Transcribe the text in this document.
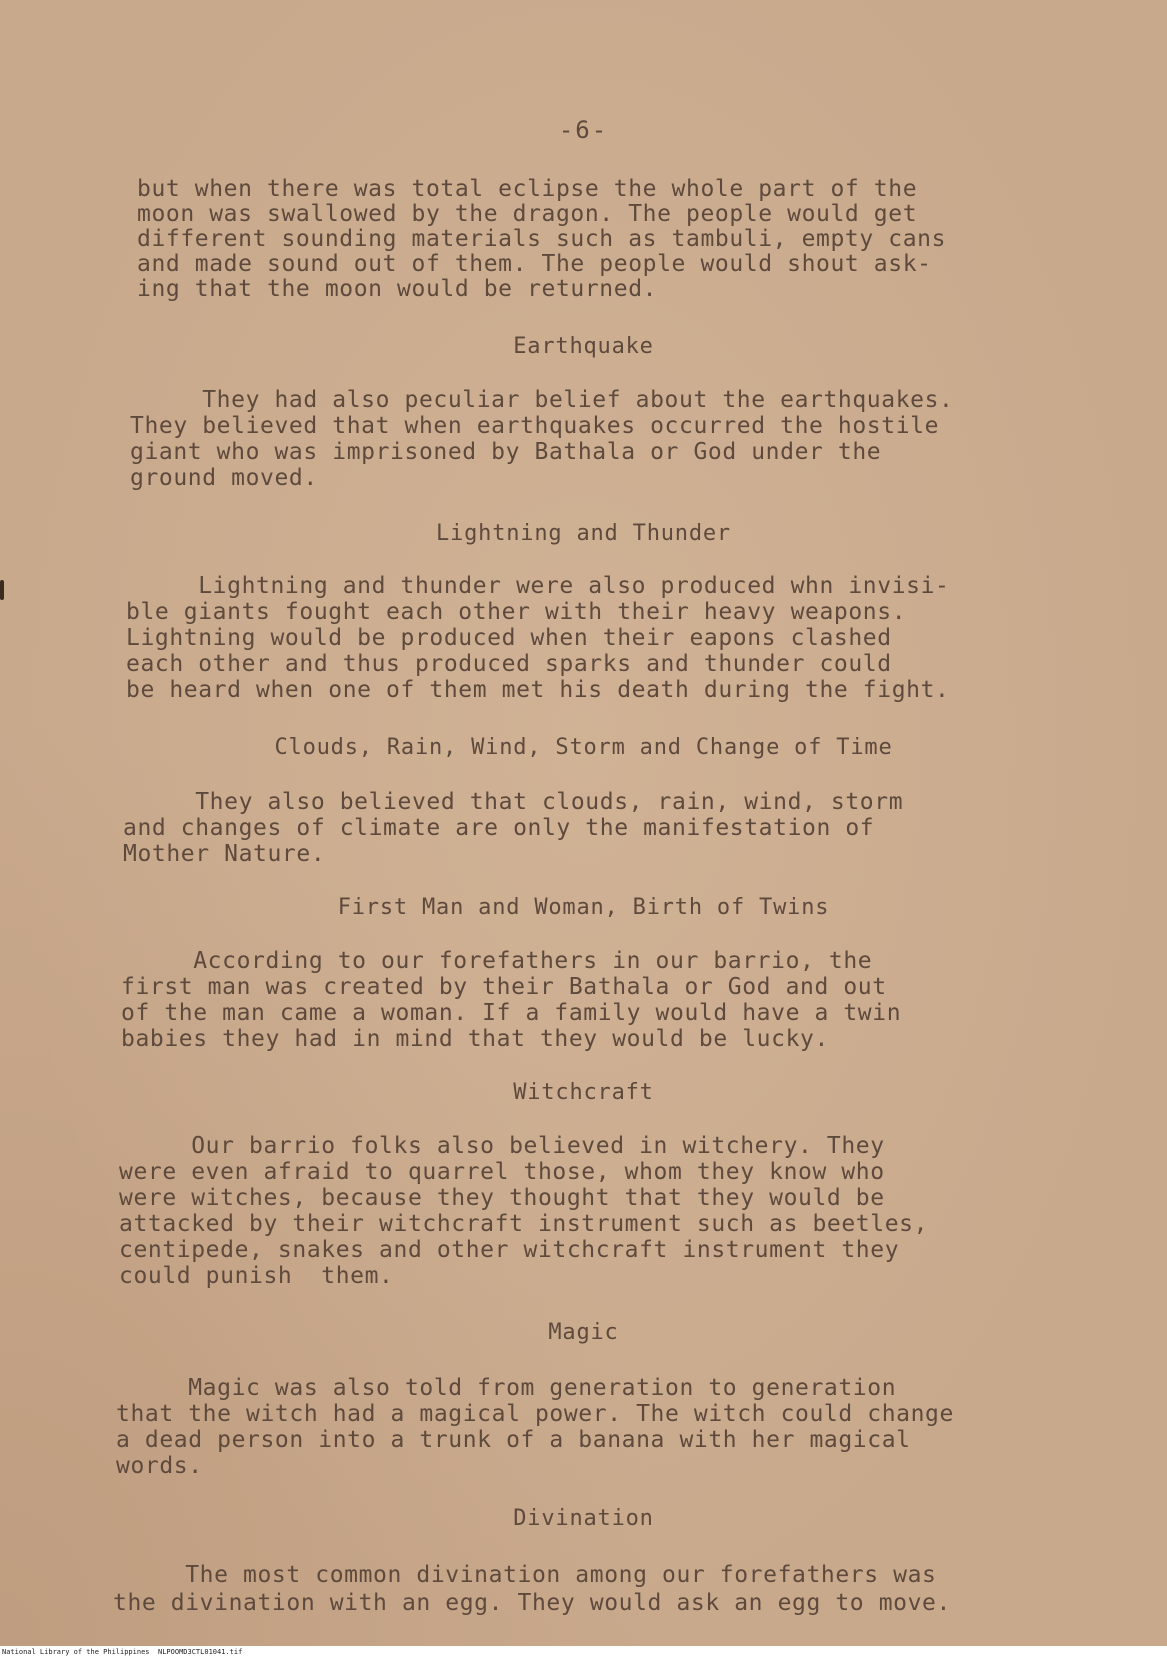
-6-

but when there was total eclipse the whole part of the

moon was swallowed by the dragon. The people would get

different sounding materials such as tambuli, empty cans

and made sound out of them. The people would shout ask-

ing that the moon would be returned.

Earthquake

They had also peculiar belief about the earthquakes.

They believed that when earthquakes occurred the hostile

giant who was imprisoned by Bathala or God under the

ground moved.

Lightning and Thunder

Lightning and thunder were also produced whn invisi-

ble giants fought each other with their heavy weapons.

Lightning would be produced when their eapons clashed

each other and thus produced sparks and thunder could

be heard when one of them met his death during the fight.

Clouds, Rain, Wind, Storm and Change of Time

They also believed that clouds, rain, wind, storm

and changes of climate are only the manifestation of

Mother Nature.

First Man and Woman, Birth of Twins

According to our forefathers in our barrio, the

first man was created by their Bathala or God and out

of the man came a woman. If a family would have a twin

babies they had in mind that they would be lucky.

Witchcraft

Our barrio folks also believed in witchery. They

were even afraid to quarrel those, whom they know who

were witches, because they thought that they would be

attacked by their witchcraft instrument such as beetles,

centipede, snakes and other witchcraft instrument they

could punish  them.

Magic

Magic was also told from generation to generation

that the witch had a magical power. The witch could change

a dead person into a trunk of a banana with her magical

words.

Divination

The most common divination among our forefathers was

the divination with an egg. They would ask an egg to move.

National Library of the Philippines NLPOOMD3CTL01041.tif
